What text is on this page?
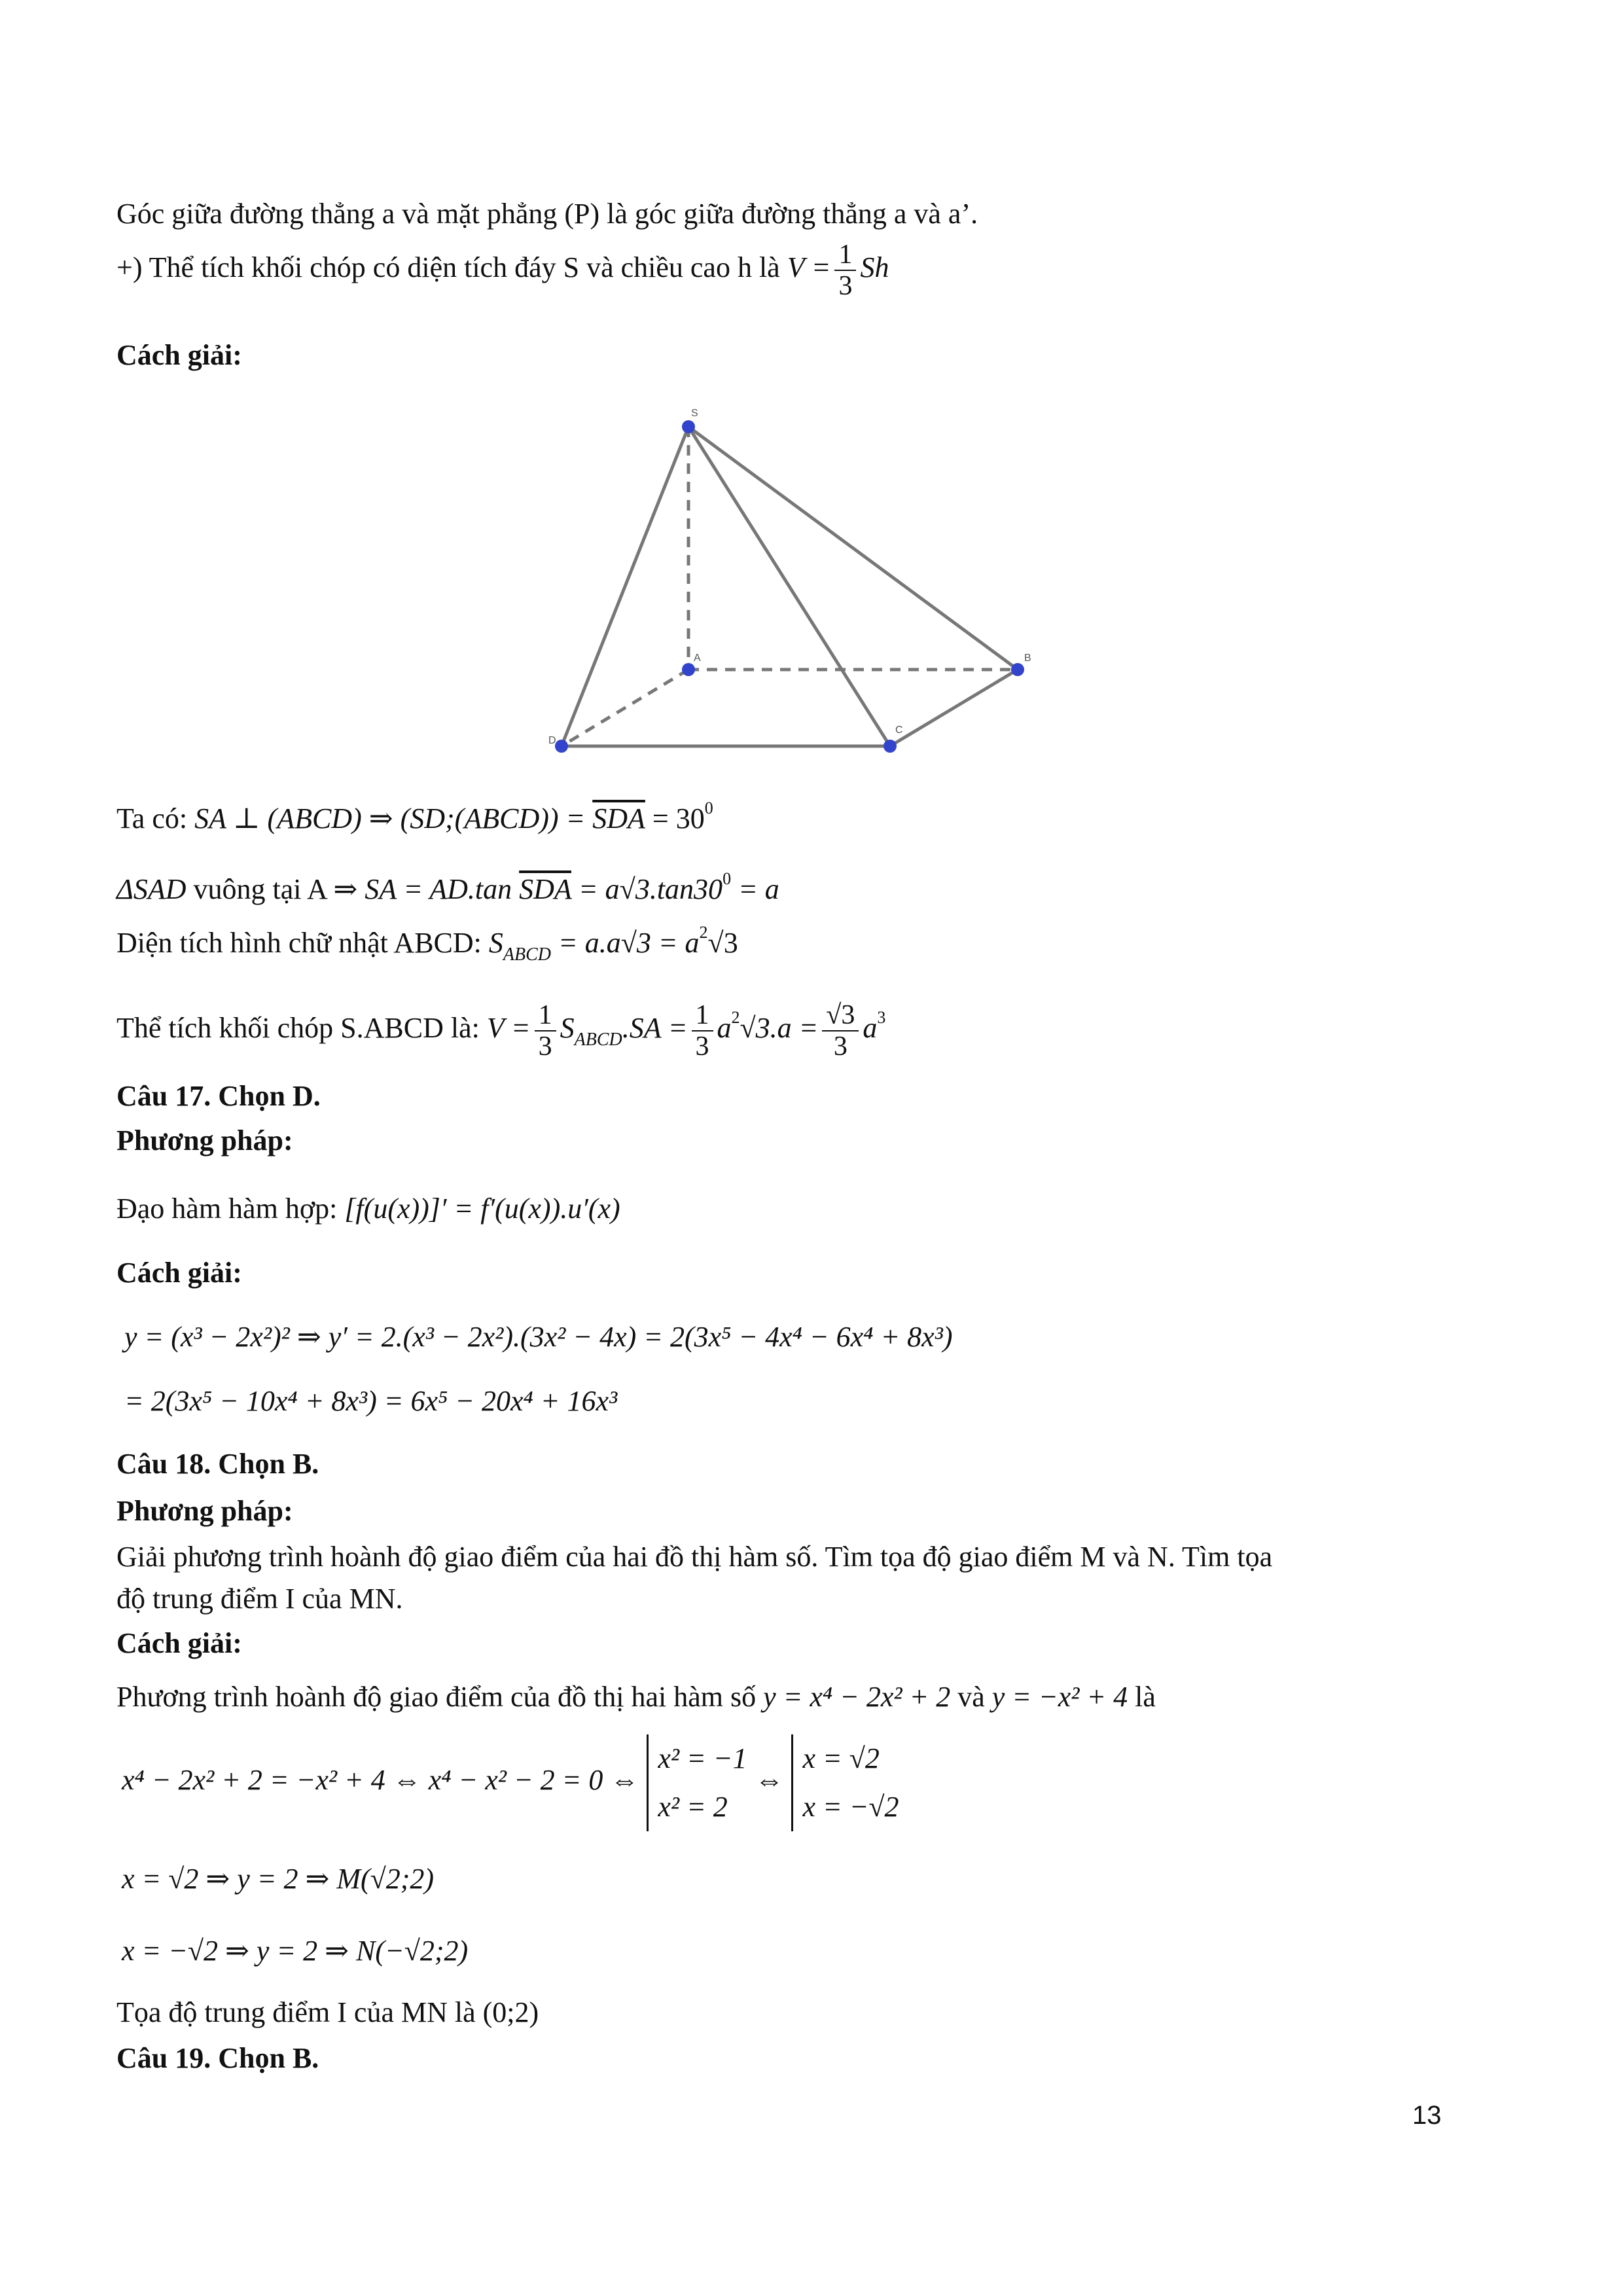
Góc giữa đường thẳng a và mặt phẳng (P) là góc giữa đường thẳng a và a’.
+) Thể tích khối chóp có diện tích đáy S và chiều cao h là $V = \frac{1}{3}$ Sh
Cách giải:
S
A	B
C
D
Ta có: SA ⊥ (ABCD) ⇒ (SD;(ABCD)) = $\overline{SDA} = 30^0$
ΔSAD vuông tại A ⇒ SA = AD.tan $\overline{SDA} = a√3.\tan 30^0 = a$
Diện tích hình chữ nhật ABCD: $S_{ABCD} = a.a√3 = a^2√3$
Thể tích khối chóp S.ABCD là: $V = \frac{1}{3} S_{ABCD}.SA = \frac{1}{3} a^2√3.a = \frac{√3}{3} a^3$
Câu 17. Chọn D.
Phương pháp:
Đạo hàm hàm hợp: [f(u(x))]′ = f′(u(x)).u′(x)
Cách giải:
y = (x³ − 2x²)² ⇒ y′ = 2.(x³ − 2x²).(3x² − 4x) = 2(3x⁵ − 4x⁴ − 6x⁴ + 8x³)
= 2(3x⁵ − 10x⁴ + 8x³) = 6x⁵ − 20x⁴ + 16x³
Câu 18. Chọn B.
Phương pháp:
Giải phương trình hoành độ giao điểm của hai đồ thị hàm số. Tìm tọa độ giao điểm M và N. Tìm tọa
độ trung điểm I của MN.
Cách giải:
Phương trình hoành độ giao điểm của đồ thị hai hàm số y = x⁴ − 2x² + 2 và y = −x² + 4 là
x⁴ − 2x² + 2 = −x² + 4 ⇔ x⁴ − x² − 2 = 0 ⇔
x² = −1
x² = 2
⇔
x = √2
x = −√2
x = √2 ⇒ y = 2 ⇒ M(√2;2)
x = −√2 ⇒ y = 2 ⇒ N(−√2;2)
Tọa độ trung điểm I của MN là (0;2)
Câu 19. Chọn B.
13
